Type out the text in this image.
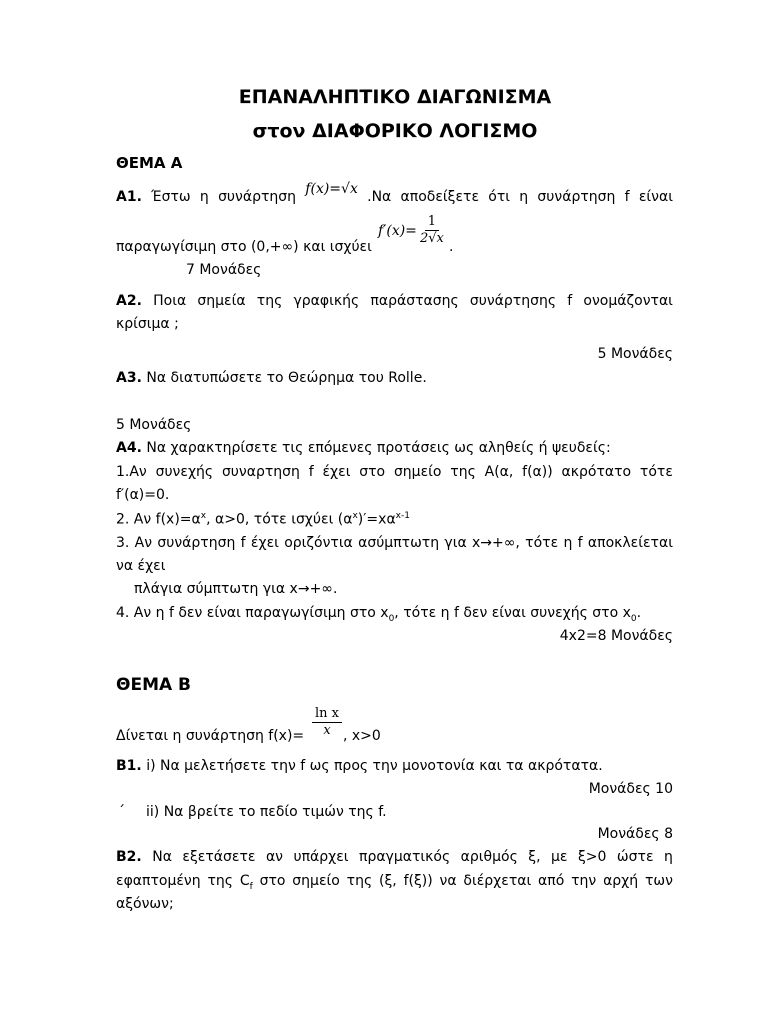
ΕΠΑΝΑΛΗΠΤΙΚΟ ΔΙΑΓΩΝΙΣΜΑ
στον ΔΙΑΦΟΡΙΚΟ ΛΟΓΙΣΜΟ
ΘΕΜΑ Α
Α1. Έστω η συνάρτηση f(x)=√x .Να αποδείξετε ότι η συνάρτηση f είναι
παραγωγίσιμη στο (0,+∞) και ισχύει
$f'(x)= \frac{1}{2√x}$ .
7 Μονάδες
Α2. Ποια σημεία της γραφικής παράστασης συνάρτησης f ονομάζονται
κρίσιμα ;
5 Μονάδες
Α3. Να διατυπώσετε το Θεώρημα του Rolle.
5 Μονάδες
Α4. Να χαρακτηρίσετε τις επόμενες προτάσεις ως αληθείς ή ψευδείς:
1.Αν συνεχής συναρτηση f έχει στο σημείο της Α(α, f(α)) ακρότατο τότε
f′(α)=0.
2. Αν $f(x)=\alpha^x$, α>0, τότε ισχύει $(\alpha^x)'=x\alpha^{x-1}$
3. Αν συνάρτηση f έχει οριζόντια ασύμπτωτη για x→+∞, τότε η f αποκλείεται
να έχει
πλάγια σύμπτωτη για x→+∞.
4. Αν η f δεν είναι παραγωγίσιμη στο $x_0$, τότε η f δεν είναι συνεχής στο $x_0$.
4x2=8 Μονάδες
ΘΕΜΑ Β
Δίνεται η συνάρτηση $f(x)= \frac{\text{ln x}}{x}$ , x>0
Β1. i) Να μελετήσετε την f ως προς την μονοτονία και τα ακρότατα.
Μονάδες 10
΄ ii) Να βρείτε το πεδίο τιμών της f.
Μονάδες 8
Β2. Να εξετάσετε αν υπάρχει πραγματικός αριθμός ξ, με ξ>0 ώστε η
εφαπτομένη της $C_f$ στο σημείο της (ξ, f(ξ)) να διέρχεται από την αρχή των
αξόνων;
